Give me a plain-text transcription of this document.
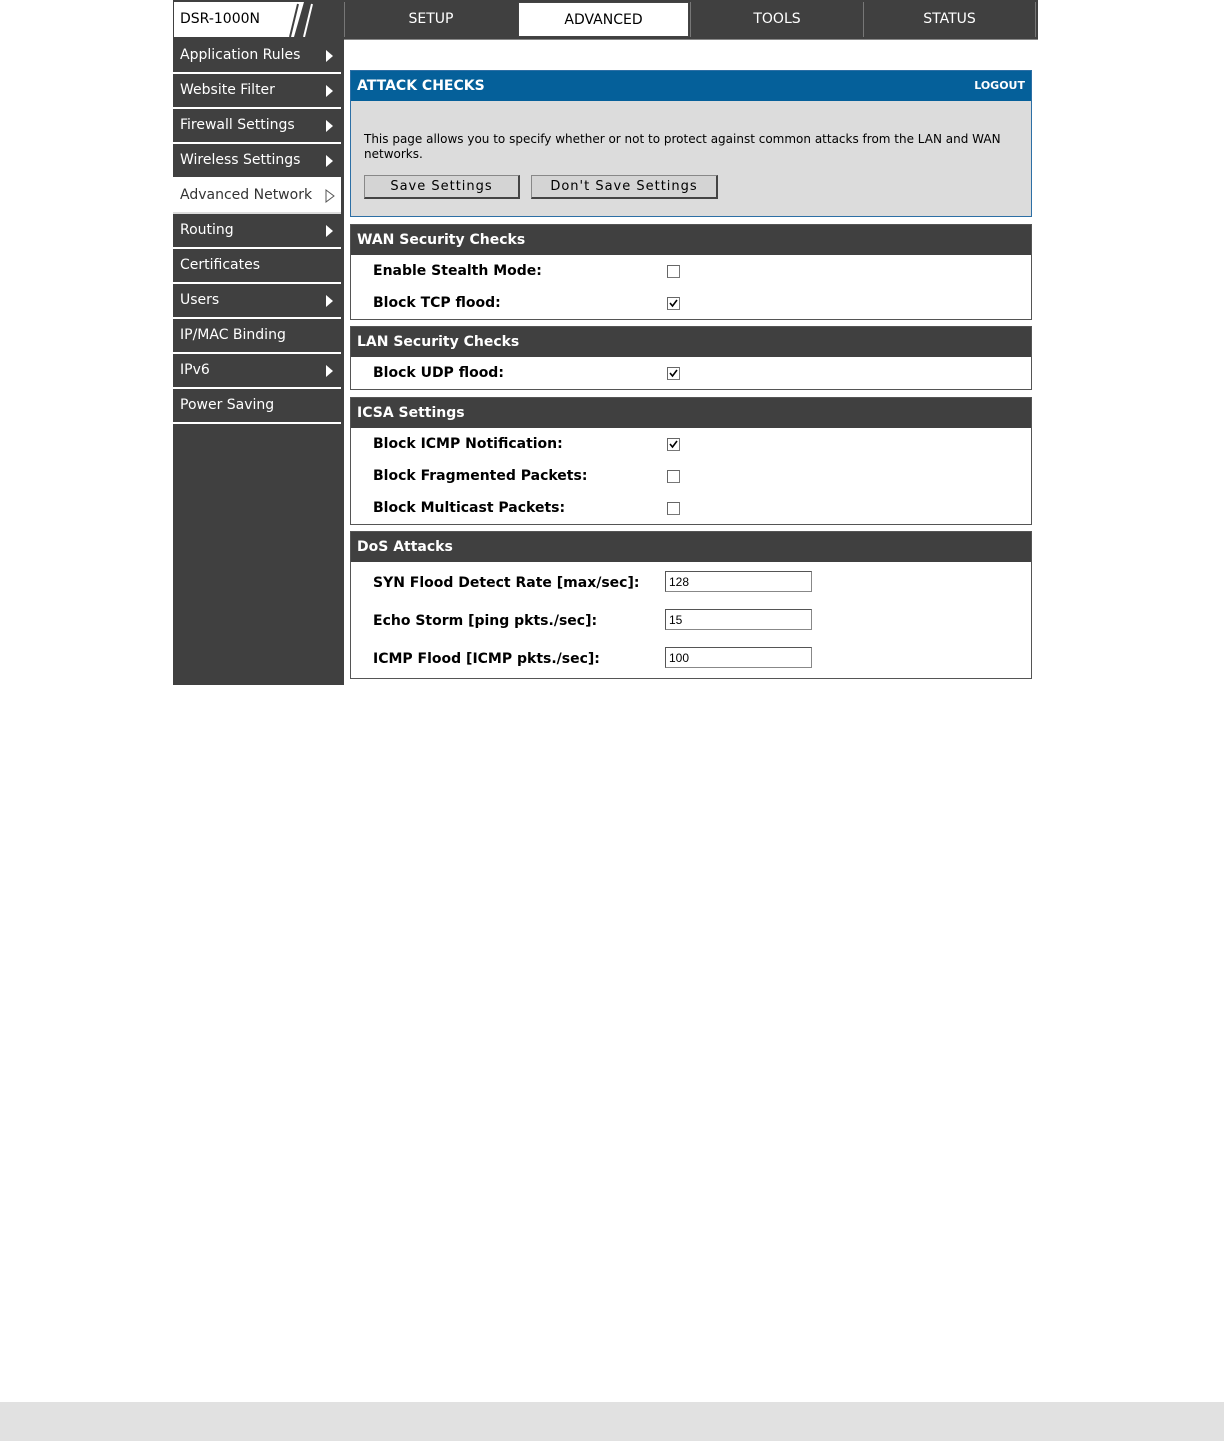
DSR-1000N	SETUP	ADVANCED	TOOLS	STATUS
Application Rules
Website Filter
Firewall Settings
Wireless Settings
Advanced Network
Routing
Certificates
Users
IP/MAC Binding
IPv6
Power Saving
ATTACK CHECKS	LOGOUT
This page allows you to specify whether or not to protect against common attacks from the LAN and WAN networks.
Save Settings	Don't Save Settings
WAN Security Checks
Enable Stealth Mode:
Block TCP flood:
LAN Security Checks
Block UDP flood:
ICSA Settings
Block ICMP Notification:
Block Fragmented Packets:
Block Multicast Packets:
DoS Attacks
SYN Flood Detect Rate [max/sec]:
128
Echo Storm [ping pkts./sec]:
15
ICMP Flood [ICMP pkts./sec]:
100
